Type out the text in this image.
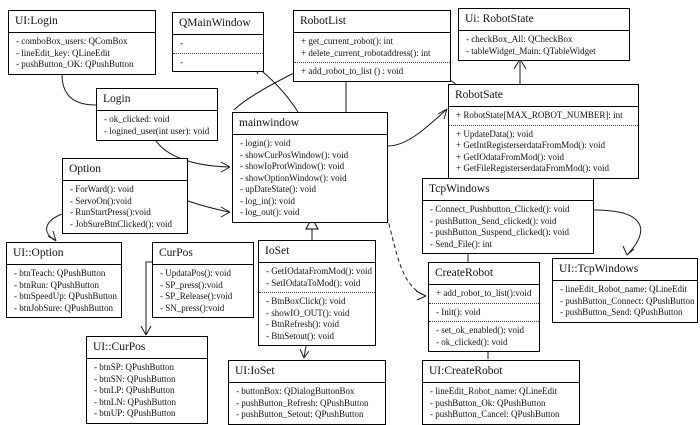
UI:Login
- comboBox_users: QComBox
- lineEdit_key: QLineEdit
- pushButton_OK: QPushButton
QMainWindow
-
-
RobotList
+ get_current_robot(): int
+ delete_current_robotaddress(): int
+ add_robot_to_list () : void
Ui: RobotState
- checkBox_All: QCheckBox
- tableWidget_Main: QTableWidget
Login
- ok_clicked: void
- logined_user(int user): void
mainwindow
- login(): void
- showCurPosWindow(): void
- showIoProtWindow(): void
- showOptionWindow(): void
- upDateState(): void
- log_in(): void
- log_out(): void
RobotSate
+ RobotState[MAX_ROBOT_NUMBER]: int
+ UpdateData(): void
+ GetIntRegisterserdataFromMod(): void
+ GetIOdataFromMod(): void
+ GetFileRegisterserdataFromMod(): void
Option
- ForWard(): void
- ServoOn():void
- RunStartPress():void
- JobSureBtnClicked(): void
TcpWindows
- Connect_Pushbutton_Clicked(): void
- pushButton_Send_clicked(): void
- pushButton_Suspend_clicked(): void
- Send_File(): int
UI::Option
- btnTeach: QPushButton
- btnRun: QPushButton
- btnSpeedUp: QPushButton
- btnJobSure: QPushButton
CurPos
- UpdataPos(): void
- SP_press():void
- SP_Release():void
- SN_press():void
IoSet
- GetIOdataFromMod(): void
- SetIOdataToMod(): void
- BtnBoxClick(): void
- showIO_OUT(): void
- BtnRefresh(): void
- BtnSetout(): void
CreateRobot
+ add_robot_to_list():void
- Init(): void
- set_ok_enabled(): void
- ok_clicked(): void
UI::TcpWindows
- lineEdit_Robot_name: QLineEdit
- pushButton_Connect: QPushButton
- pushButton_Send: QPushButton
UI::CurPos
- btnSP: QPushButton
- btnSN: QPushButton
- btnLP: QPushButton
- btnLN: QPushButton
- btnUP: QPushButton
UI:IoSet
- buttonBox: QDialogButtonBox
- pushButton_Refresh: QPushButton
- pushButton_Setout: QPushButton
UI:CreateRobot
- lineEdit_Robot_name: QLineEdit
- pushButton_Ok: QPushButton
- pushButton_Cancel: QPushButton
